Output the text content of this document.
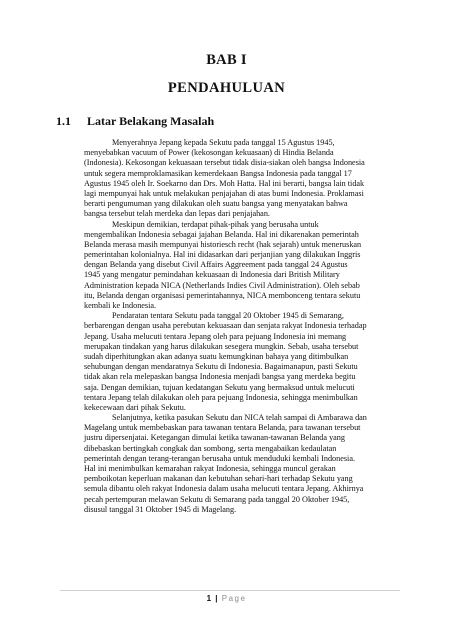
BAB I
PENDAHULUAN
1.1 Latar Belakang Masalah
Menyerahnya Jepang kepada Sekutu pada tanggal 15 Agustus 1945,
menyebabkan vacuum of Power (kekosongan kekuasaan) di Hindia Belanda
(Indonesia). Kekosongan kekuasaan tersebut tidak disia-siakan oleh bangsa Indonesia
untuk segera memproklamasikan kemerdekaan Bangsa Indonesia pada tanggal 17
Agustus 1945 oleh Ir. Soekarno dan Drs. Moh Hatta. Hal ini berarti, bangsa lain tidak
lagi mempunyai hak untuk melakukan penjajahan di atas bumi Indonesia. Proklamasi
berarti pengumuman yang dilakukan oleh suatu bangsa yang menyatakan bahwa
bangsa tersebut telah merdeka dan lepas dari penjajahan.
Meskipun demikian, terdapat pihak-pihak yang berusaha untuk
mengembalikan Indonesia sebagai jajahan Belanda. Hal ini dikarenakan pemerintah
Belanda merasa masih mempunyai historiesch recht (hak sejarah) untuk meneruskan
pemerintahan kolonialnya. Hal ini didasarkan dari perjanjian yang dilakukan Inggris
dengan Belanda yang disebut Civil Affairs Aggreement pada tanggal 24 Agustus
1945 yang mengatur pemindahan kekuasaan di Indonesia dari British Military
Administration kepada NICA (Netherlands Indies Civil Administration). Oleh sebab
itu, Belanda dengan organisasi pemerintahannya, NICA membonceng tentara sekutu
kembali ke Indonesia.
Pendaratan tentara Sekutu pada tanggal 20 Oktober 1945 di Semarang,
berbarengan dengan usaha perebutan kekuasaan dan senjata rakyat Indonesia terhadap
Jepang. Usaha melucuti tentara Jepang oleh para pejuang Indonesia ini memang
merupakan tindakan yang harus dilakukan sesegera mungkin. Sebab, usaha tersebut
sudah diperhitungkan akan adanya suatu kemungkinan bahaya yang ditimbulkan
sehubungan dengan mendaratnya Sekutu di Indonesia. Bagaimanapun, pasti Sekutu
tidak akan rela melepaskan bangsa Indonesia menjadi bangsa yang merdeka begitu
saja. Dengan demikian, tujuan kedatangan Sekutu yang bermaksud untuk melucuti
tentara Jepang telah dilakukan oleh para pejuang Indonesia, sehingga menimbulkan
kekecewaan dari pihak Sekutu.
Selanjutnya, ketika pasukan Sekutu dan NICA telah sampai di Ambarawa dan
Magelang untuk membebaskan para tawanan tentara Belanda, para tawanan tersebut
justru dipersenjatai. Ketegangan dimulai ketika tawanan-tawanan Belanda yang
dibebaskan bertingkah congkak dan sombong, serta mengabaikan kedaulatan
pemerintah dengan terang-terangan berusaha untuk menduduki kembali Indonesia.
Hal ini menimbulkan kemarahan rakyat Indonesia, sehingga muncul gerakan
pemboikotan keperluan makanan dan kebutuhan sehari-hari terhadap Sekutu yang
semula dibantu oleh rakyat Indonesia dalam usaha melucuti tentara Jepang. Akhirnya
pecah pertempuran melawan Sekutu di Semarang pada tanggal 20 Oktober 1945,
disusul tanggal 31 Oktober 1945 di Magelang.
1 | Page
